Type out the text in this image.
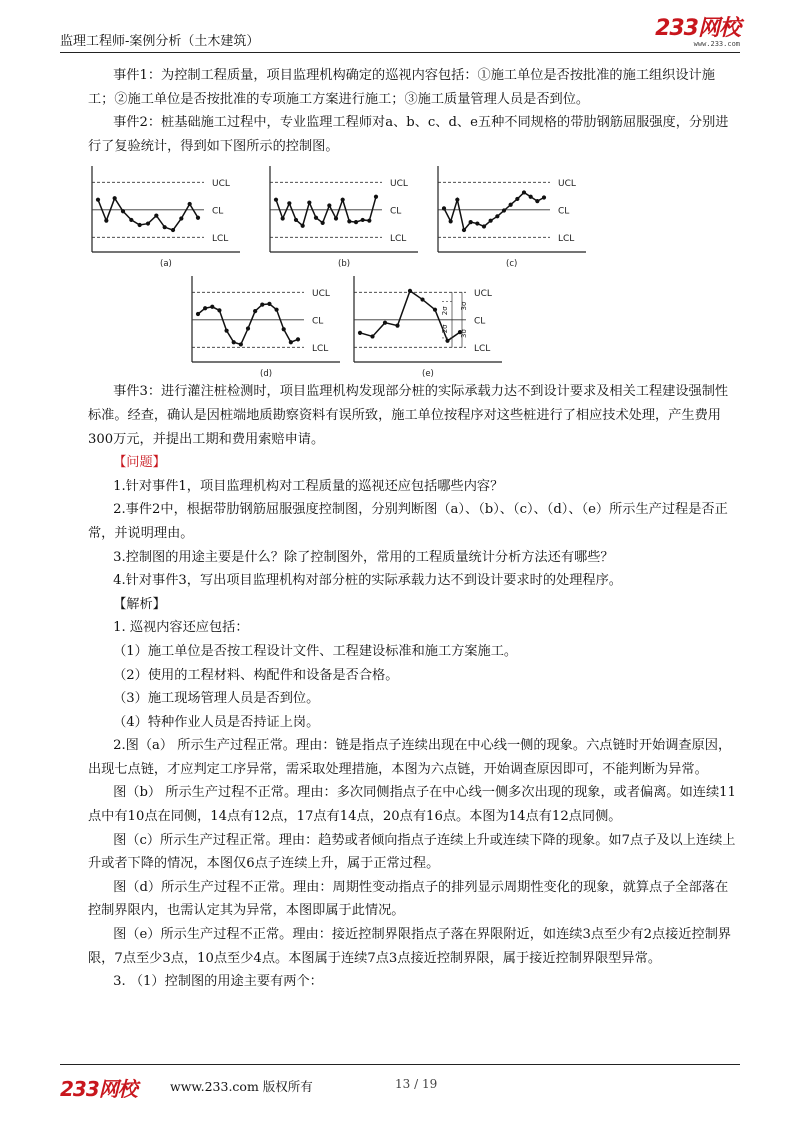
监理工程师-案例分析（土木建筑）
233网校
www.233.com

事件1：为控制工程质量，项目监理机构确定的巡视内容包括：①施工单位是否按批准的施工组织设计施工；②施工单位是否按批准的专项施工方案进行施工；③施工质量管理人员是否到位。

事件2：桩基础施工过程中，专业监理工程师对a、b、c、d、e五种不同规格的带肋钢筋屈服强度，分别进行了复验统计，得到如下图所示的控制图。

UCL
CL
LCL
(a)
UCL
CL
LCL
(b)
UCL
CL
LCL
(c)
UCL
CL
LCL
(d)
UCL
CL
LCL
2σ
3σ
2σ
3σ
(e)

事件3：进行灌注桩检测时，项目监理机构发现部分桩的实际承载力达不到设计要求及相关工程建设强制性标准。经查，确认是因桩端地质勘察资料有误所致，施工单位按程序对这些桩进行了相应技术处理，产生费用300万元，并提出工期和费用索赔申请。

【问题】

1.针对事件1，项目监理机构对工程质量的巡视还应包括哪些内容？

2.事件2中，根据带肋钢筋屈服强度控制图，分别判断图（a）、（b）、（c）、（d）、（e）所示生产过程是否正常，并说明理由。

3.控制图的用途主要是什么？除了控制图外，常用的工程质量统计分析方法还有哪些？

4.针对事件3，写出项目监理机构对部分桩的实际承载力达不到设计要求时的处理程序。

【解析】

1. 巡视内容还应包括：

（1）施工单位是否按工程设计文件、工程建设标准和施工方案施工。

（2）使用的工程材料、构配件和设备是否合格。

（3）施工现场管理人员是否到位。

（4）特种作业人员是否持证上岗。

2.图（a） 所示生产过程正常。理由：链是指点子连续出现在中心线一侧的现象。六点链时开始调查原因，出现七点链，才应判定工序异常，需采取处理措施，本图为六点链，开始调查原因即可，不能判断为异常。

图（b） 所示生产过程不正常。理由：多次同侧指点子在中心线一侧多次出现的现象，或者偏离。如连续11点中有10点在同侧，14点有12点，17点有14点，20点有16点。本图为14点有12点同侧。

图（c）所示生产过程正常。理由：趋势或者倾向指点子连续上升或连续下降的现象。如7点子及以上连续上升或者下降的情况，本图仅6点子连续上升，属于正常过程。

图（d）所示生产过程不正常。理由：周期性变动指点子的排列显示周期性变化的现象，就算点子全部落在控制界限内，也需认定其为异常，本图即属于此情况。

图（e）所示生产过程不正常。理由：接近控制界限指点子落在界限附近，如连续3点至少有2点接近控制界限，7点至少3点，10点至少4点。本图属于连续7点3点接近控制界限，属于接近控制界限型异常。

3. （1）控制图的用途主要有两个：

233网校	www.233.com 版权所有	13 / 19
